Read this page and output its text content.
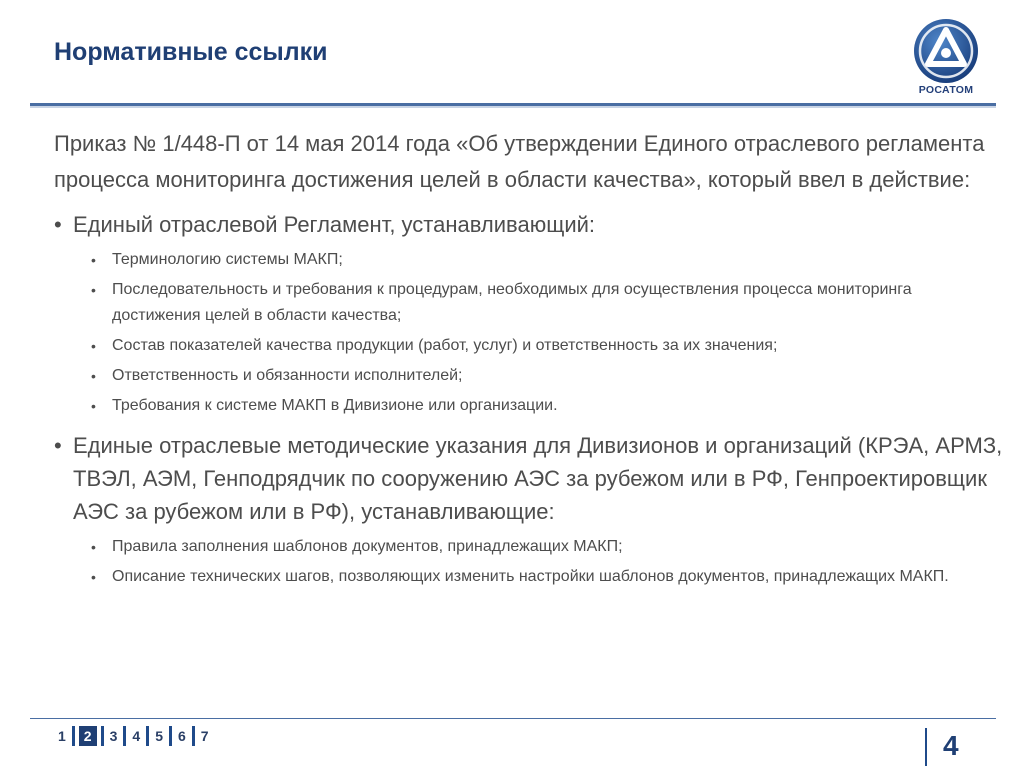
Нормативные ссылки
РОСАТОМ

Приказ № 1/448-П от 14 мая 2014 года «Об утверждении Единого отраслевого регламента процесса мониторинга достижения целей в области качества», который ввел в действие:

• Единый отраслевой Регламент, устанавливающий:
• Терминологию системы МАКП;
• Последовательность и требования к процедурам, необходимых для осуществления процесса мониторинга достижения целей в области качества;
• Состав показателей качества продукции (работ, услуг) и ответственность за их значения;
• Ответственность и обязанности исполнителей;
• Требования к системе МАКП в Дивизионе или организации.
• Единые отраслевые методические указания для Дивизионов и организаций (КРЭА, АРМЗ, ТВЭЛ, АЭМ, Генподрядчик по сооружению АЭС за рубежом или в РФ, Генпроектировщик АЭС за рубежом или в РФ), устанавливающие:
• Правила заполнения шаблонов документов, принадлежащих МАКП;
• Описание технических шагов, позволяющих изменить настройки шаблонов документов, принадлежащих МАКП.
1	2	3	4	5	6	7	4
